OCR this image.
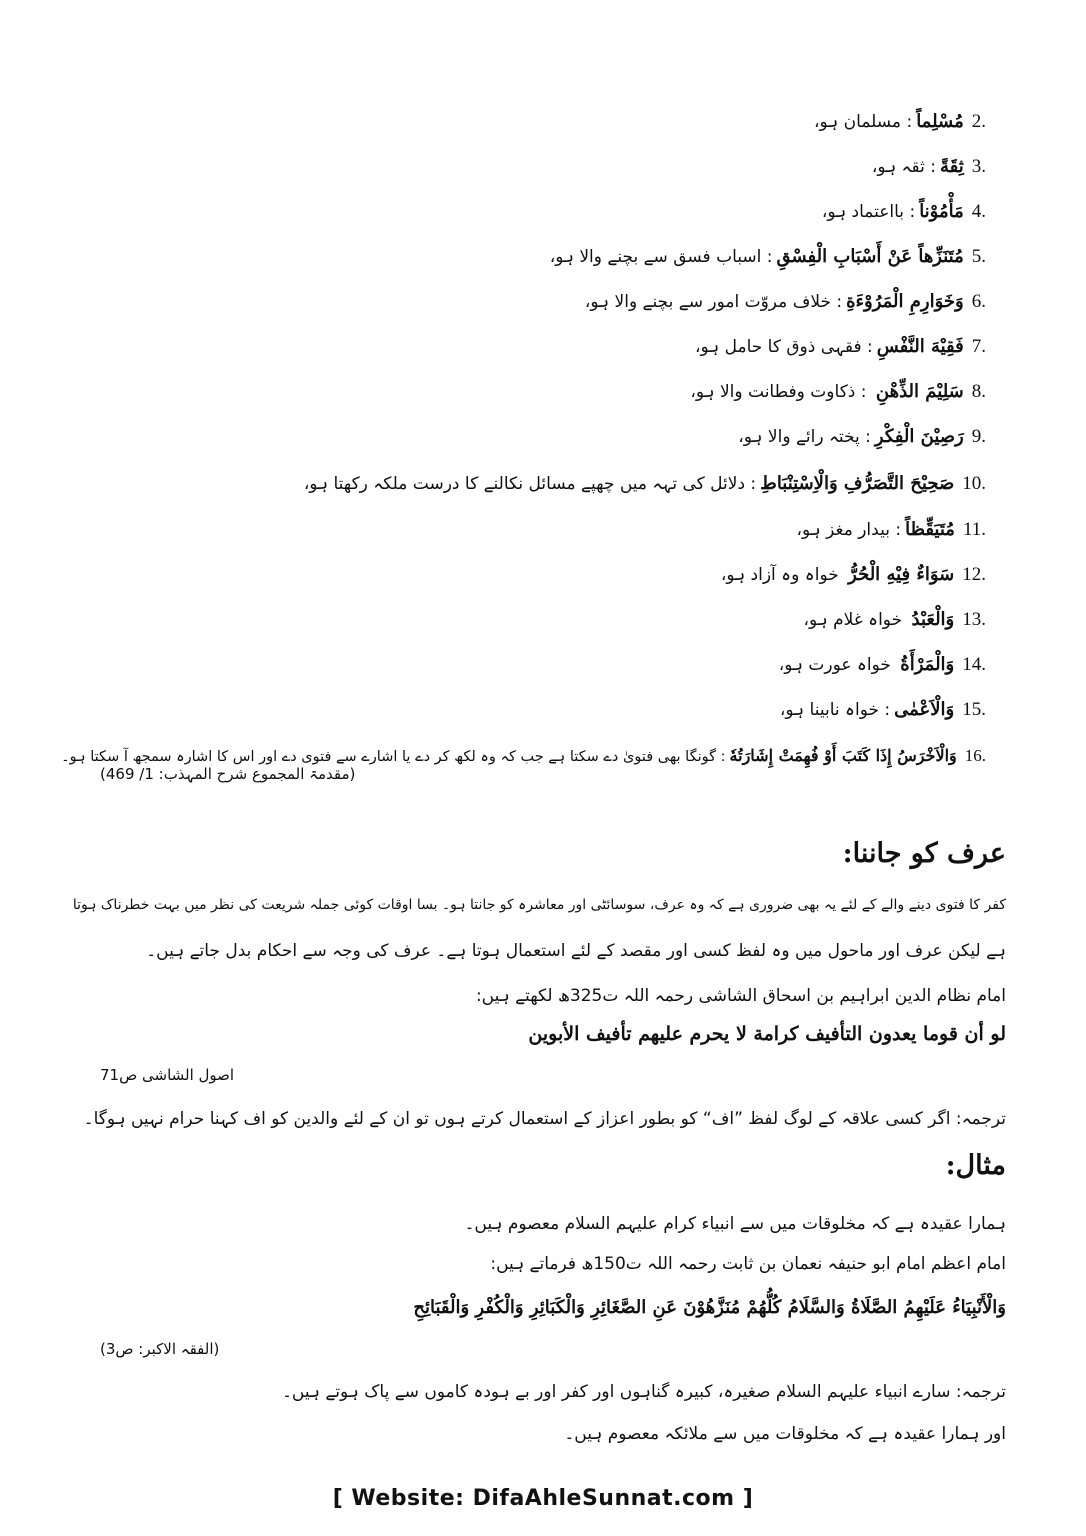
2.مُسْلِماً: مسلمان ہو،
3.ثِقَةً: ثقہ ہو،
4.مَأْمُوْناً: بااعتماد ہو،
5.مُتَنَزِّهاً عَنْ أَسْبَابِ الْفِسْقِ: اسباب فسق سے بچنے والا ہو،
6.وَخَوَارِمِ الْمَرُوْءَةِ: خلاف مروّت امور سے بچنے والا ہو،
7.فَقِيْهَ النَّفْسِ: فقہی ذوق کا حامل ہو،
8.سَلِيْمَ الذِّهْنِ : ذکاوت وفطانت والا ہو،
9.رَصِيْنَ الْفِكْرِ: پختہ رائے والا ہو،
10.صَحِيْحَ التَّصَرُّفِ وَالْاِسْتِنْبَاطِ: دلائل کی تہہ میں چھپے مسائل نکالنے کا درست ملکہ رکھتا ہو،
11.مُتَيَقِّظاً: بیدار مغز ہو،
12.سَوَاءٌ فِيْهِ الْحُرُّ خواہ وہ آزاد ہو،
13.وَالْعَبْدُ خواہ غلام ہو،
14.وَالْمَرْأَةُ خواہ عورت ہو،
15.وَالْاَعْمٰى: خواہ نابینا ہو،
16.وَالْاَخْرَسُ إِذَا كَتَبَ أَوْ فُهِمَتْ إِشَارَتُهٗ: گونگا بھی فتویٰ دے سکتا ہے جب کہ وہ لکھ کر دے یا اشارے سے فتوی دے اور اس کا اشارہ سمجھ آ سکتا ہو۔
(مقدمۃ المجموع شرح المہذب: 1/ 469)
عرف کو جاننا:
کفر کا فتوی دینے والے کے لئے یہ بھی ضروری ہے کہ وہ عرف، سوسائٹی اور معاشرہ کو جانتا ہو۔ بسا اوقات کوئی جملہ شریعت کی نظر میں بہت خطرناک ہوتا
ہے لیکن عرف اور ماحول میں وہ لفظ کسی اور مقصد کے لئے استعمال ہوتا ہے۔ عرف کی وجہ سے احکام بدل جاتے ہیں۔
امام نظام الدین ابراہیم بن اسحاق الشاشی رحمہ اللہ ت325ھ لکھتے ہیں:
لو أن قوما يعدون التأفيف كرامة لا يحرم عليهم تأفيف الأبوين
اصول الشاشی ص71
ترجمہ: اگر کسی علاقہ کے لوگ لفظ ”اف“ کو بطور اعزاز کے استعمال کرتے ہوں تو ان کے لئے والدین کو اف کہنا حرام نہیں ہوگا۔
مثال:
ہمارا عقیدہ ہے کہ مخلوقات میں سے انبیاء کرام علیہم السلام معصوم ہیں۔
امام اعظم امام ابو حنیفہ نعمان بن ثابت رحمہ اللہ ت150ھ فرماتے ہیں:
وَالْأَنْبِيَاءُ عَلَيْهِمُ الصَّلَاةُ وَالسَّلَامُ كُلُّهُمْ مُنَزَّهُوْنَ عَنِ الصَّغَائِرِ وَالْكَبَائِرِ وَالْكُفْرِ وَالْقَبَائِحِ
(الفقہ الاکبر: ص3)
ترجمہ: سارے انبیاء علیہم السلام صغیرہ، کبیرہ گناہوں اور کفر اور بے ہودہ کاموں سے پاک ہوتے ہیں۔
اور ہمارا عقیدہ ہے کہ مخلوقات میں سے ملائکہ معصوم ہیں۔
[ Website: DifaAhleSunnat.com ]
